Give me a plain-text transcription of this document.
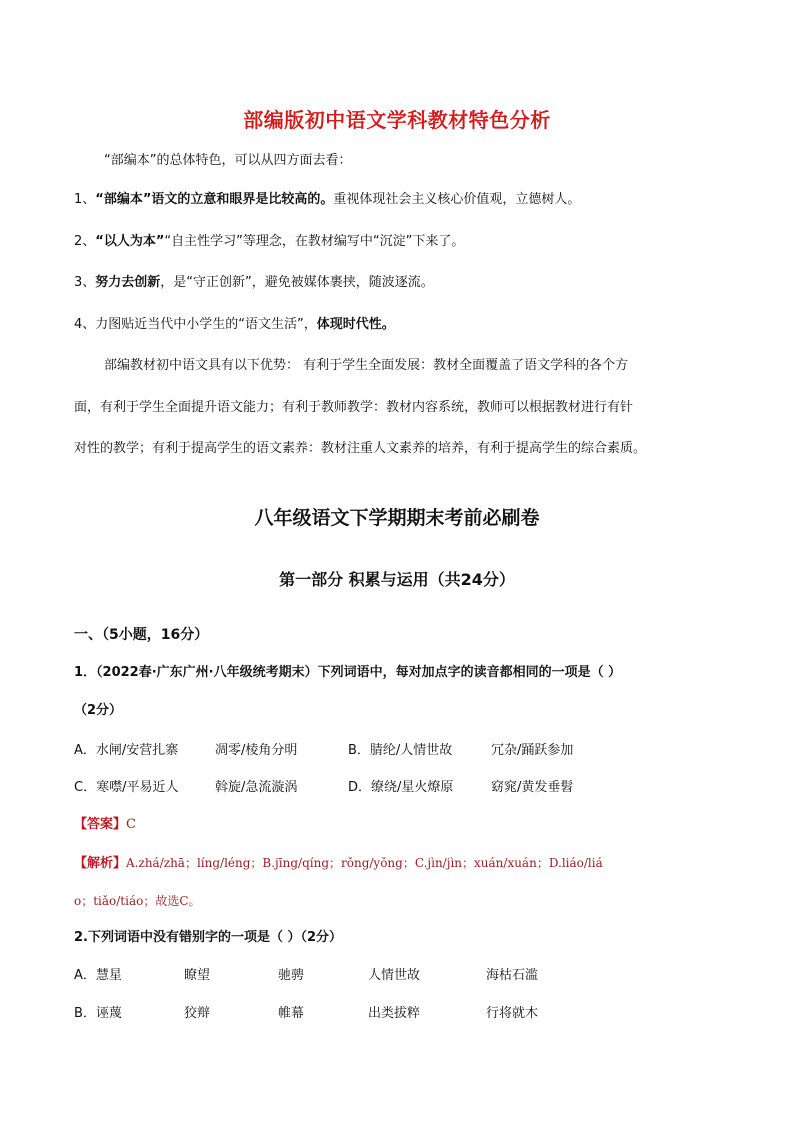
部编版初中语文学科教材特色分析
“部编本”的总体特色，可以从四方面去看：
1、“部编本”语文的立意和眼界是比较高的。重视体现社会主义核心价值观，立德树人。
2、“以人为本”“自主性学习”等理念，在教材编写中“沉淀”下来了。
3、努力去创新，是“守正创新”，避免被媒体裹挟，随波逐流。
4、力图贴近当代中小学生的“语文生活”，体现时代性。
部编教材初中语文具有以下优势： 有利于学生全面发展：教材全面覆盖了语文学科的各个方
面，有利于学生全面提升语文能力；有利于教师教学：教材内容系统，教师可以根据教材进行有针
对性的教学；有利于提高学生的语文素养：教材注重人文素养的培养，有利于提高学生的综合素质。
八年级语文下学期期末考前必刷卷
第一部分 积累与运用（共24分）
一、（5小题，16分）
1．（2022春·广东广州·八年级统考期末）下列词语中，每对加点字的读音都相同的一项是（ ）
（2分）
A．水闸/安营扎寨	凋零/棱角分明	B．腈纶/人情世故	冗杂/踊跃参加
C．寒噤/平易近人	斡旋/急流漩涡	D．缭绕/星火燎原	窈窕/黄发垂髫
【答案】C
【解析】A.zhá/zhā；líng/léng；B.jīng/qíng；rǒng/yǒng；C.jìn/jìn；xuán/xuán；D.liáo/liá
o；tiǎo/tiáo；故选C。
2.下列词语中没有错别字的一项是（ ）（2分）
A．慧星	瞭望	驰骋	人情世故	海枯石滥
B．诬蔑	狡辩	帷幕	出类拔粹	行将就木
